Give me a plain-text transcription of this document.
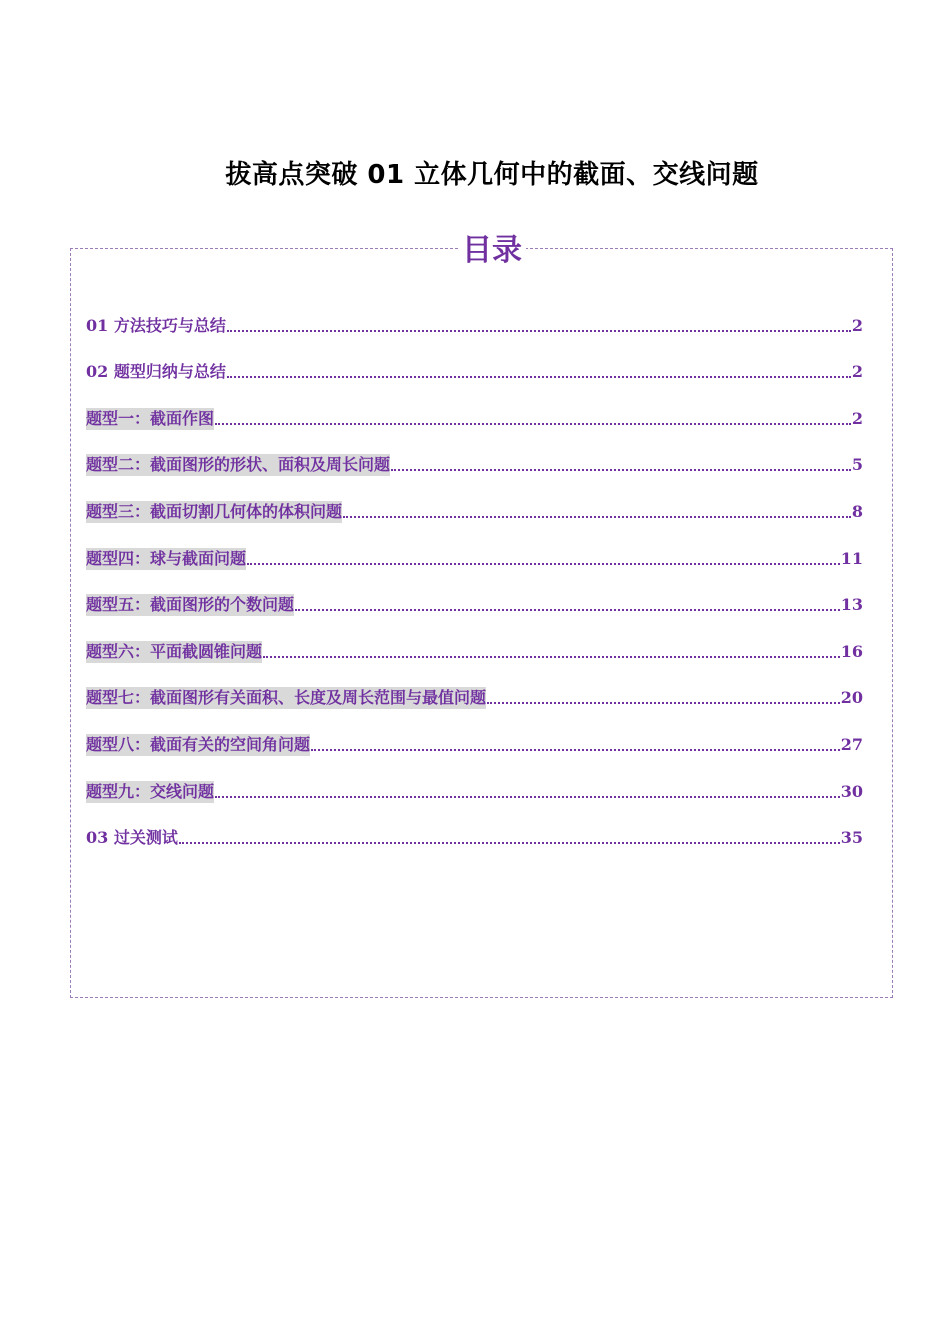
拔高点突破 01 立体几何中的截面、交线问题
目录
01 方法技巧与总结	2
02 题型归纳与总结	2
题型一：截面作图	2
题型二：截面图形的形状、面积及周长问题	5
题型三：截面切割几何体的体积问题	8
题型四：球与截面问题	11
题型五：截面图形的个数问题	13
题型六：平面截圆锥问题	16
题型七：截面图形有关面积、长度及周长范围与最值问题	20
题型八：截面有关的空间角问题	27
题型九：交线问题	30
03 过关测试	35
